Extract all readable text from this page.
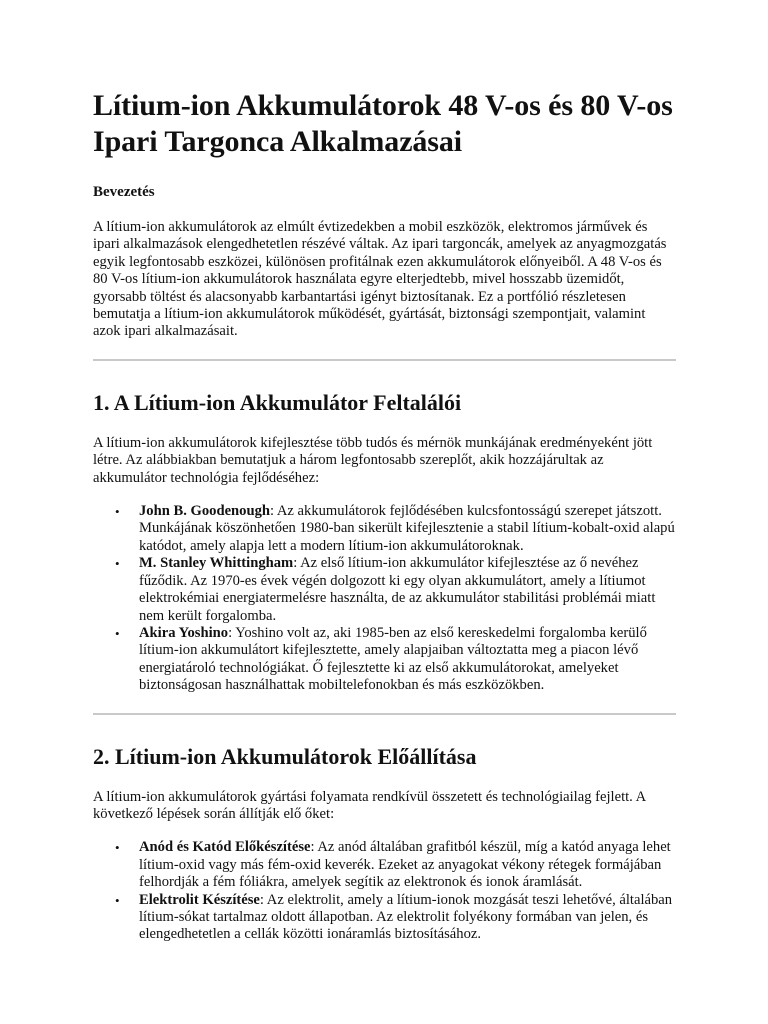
Lítium-ion Akkumulátorok 48 V-os és 80 V-os Ipari Targonca Alkalmazásai
Bevezetés

A lítium-ion akkumulátorok az elmúlt évtizedekben a mobil eszközök, elektromos járművek és ipari alkalmazások elengedhetetlen részévé váltak. Az ipari targoncák, amelyek az anyagmozgatás egyik legfontosabb eszközei, különösen profitálnak ezen akkumulátorok előnyeiből. A 48 V-os és 80 V-os lítium-ion akkumulátorok használata egyre elterjedtebb, mivel hosszabb üzemidőt, gyorsabb töltést és alacsonyabb karbantartási igényt biztosítanak. Ez a portfólió részletesen bemutatja a lítium-ion akkumulátorok működését, gyártását, biztonsági szempontjait, valamint azok ipari alkalmazásait.

1. A Lítium-ion Akkumulátor Feltalálói

A lítium-ion akkumulátorok kifejlesztése több tudós és mérnök munkájának eredményeként jött létre. Az alábbiakban bemutatjuk a három legfontosabb szereplőt, akik hozzájárultak az akkumulátor technológia fejlődéséhez:

• John B. Goodenough: Az akkumulátorok fejlődésében kulcsfontosságú szerepet játszott. Munkájának köszönhetően 1980-ban sikerült kifejlesztenie a stabil lítium-kobalt-oxid alapú katódot, amely alapja lett a modern lítium-ion akkumulátoroknak.
• M. Stanley Whittingham: Az első lítium-ion akkumulátor kifejlesztése az ő nevéhez fűződik. Az 1970-es évek végén dolgozott ki egy olyan akkumulátort, amely a lítiumot elektrokémiai energiatermelésre használta, de az akkumulátor stabilitási problémái miatt nem került forgalomba.
• Akira Yoshino: Yoshino volt az, aki 1985-ben az első kereskedelmi forgalomba kerülő lítium-ion akkumulátort kifejlesztette, amely alapjaiban változtatta meg a piacon lévő energiatároló technológiákat. Ő fejlesztette ki az első akkumulátorokat, amelyeket biztonságosan használhattak mobiltelefonokban és más eszközökben.
2. Lítium-ion Akkumulátorok Előállítása

A lítium-ion akkumulátorok gyártási folyamata rendkívül összetett és technológiailag fejlett. A következő lépések során állítják elő őket:

• Anód és Katód Előkészítése: Az anód általában grafitból készül, míg a katód anyaga lehet lítium-oxid vagy más fém-oxid keverék. Ezeket az anyagokat vékony rétegek formájában felhordják a fém fóliákra, amelyek segítik az elektronok és ionok áramlását.
• Elektrolit Készítése: Az elektrolit, amely a lítium-ionok mozgását teszi lehetővé, általában lítium-sókat tartalmaz oldott állapotban. Az elektrolit folyékony formában van jelen, és elengedhetetlen a cellák közötti ionáramlás biztosításához.
